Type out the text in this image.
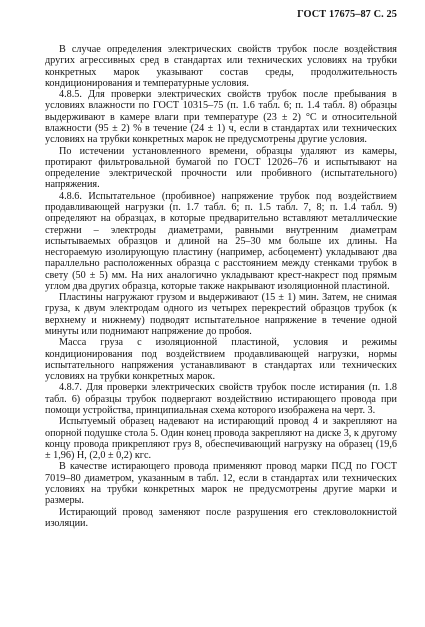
ГОСТ 17675–87 С. 25

В случае определения электрических свойств трубок после воздействия других агрессивных сред в стандартах или технических условиях на трубки конкретных марок указывают состав среды, продолжительность кондиционирования и температурные условия.

4.8.5. Для проверки электрических свойств трубок после пребывания в условиях влажности по ГОСТ 10315–75 (п. 1.6 табл. 6; п. 1.4 табл. 8) образцы выдерживают в камере влаги при температуре (23 ± 2) °С и относительной влажности (95 ± 2) % в течение (24 ± 1) ч, если в стандартах или технических условиях на трубки конкретных марок не предусмотрены другие условия.

По истечении установленного времени, образцы удаляют из камеры, протирают фильтровальной бумагой по ГОСТ 12026–76 и испытывают на определение электрической прочности или пробивного (испытательного) напряжения.

4.8.6. Испытательное (пробивное) напряжение трубок под воздействием продавливающей нагрузки (п. 1.7 табл. 6; п. 1.5 табл. 7, 8; п. 1.4 табл. 9) определяют на образцах, в которые предварительно вставляют металлические стержни – электроды диаметрами, равными внутренним диаметрам испытываемых образцов и длиной на 25–30 мм больше их длины. На несгораемую изолирующую пластину (например, асбоцемент) укладывают два параллельно расположенных образца с расстоянием между стенками трубок в свету (50 ± 5) мм. На них аналогично укладывают крест-накрест под прямым углом два других образца, которые также накрывают изоляционной пластиной.

Пластины нагружают грузом и выдерживают (15 ± 1) мин. Затем, не снимая груза, к двум электродам одного из четырех перекрестий образцов трубок (к верхнему и нижнему) подводят испытательное напряжение в течение одной минуты или поднимают напряжение до пробоя.

Масса груза с изоляционной пластиной, условия и режимы кондиционирования под воздействием продавливающей нагрузки, нормы испытательного напряжения устанавливают в стандартах или технических условиях на трубки конкретных марок.

4.8.7. Для проверки электрических свойств трубок после истирания (п. 1.8 табл. 6) образцы трубок подвергают воздействию истирающего провода при помощи устройства, принципиальная схема которого изображена на черт. 3.

Испытуемый образец надевают на истирающий провод 4 и закрепляют на опорной подушке стола 5. Один конец провода закрепляют на диске 3, к другому концу провода прикрепляют груз 8, обеспечивающий нагрузку на образец (19,6 ± 1,96) Н, (2,0 ± 0,2) кгс.

В качестве истирающего провода применяют провод марки ПСД по ГОСТ 7019–80 диаметром, указанным в табл. 12, если в стандартах или технических условиях на трубки конкретных марок не предусмотрены другие марки и размеры.

Истирающий провод заменяют после разрушения его стекловолокнистой изоляции.
